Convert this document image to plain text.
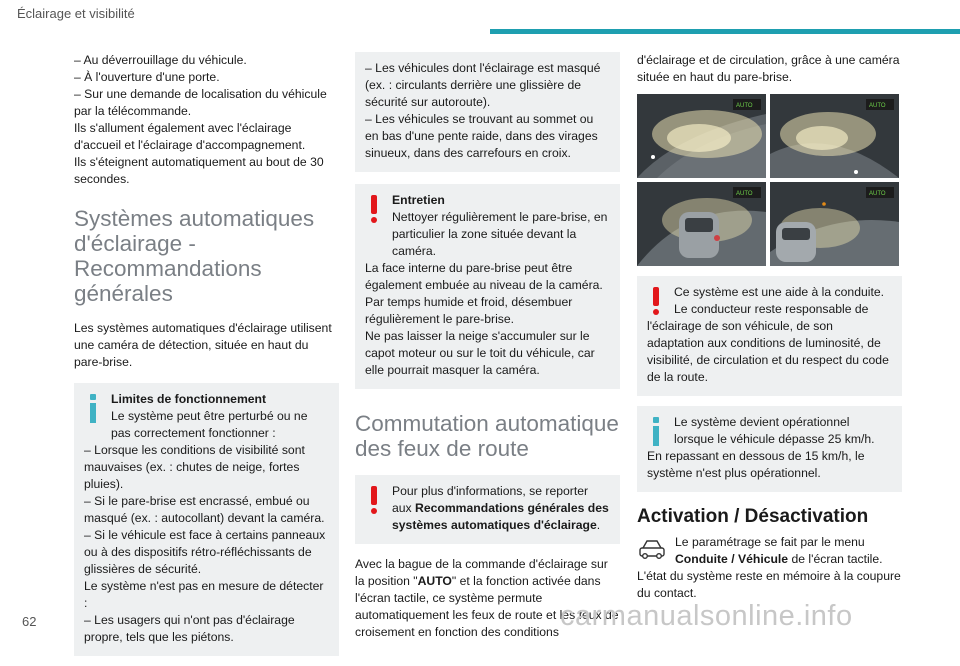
Éclairage et visibilité

– Au déverrouillage du véhicule.

– À l'ouverture d'une porte.

– Sur une demande de localisation du véhicule par la télécommande.

Ils s'allument également avec l'éclairage d'accueil et l'éclairage d'accompagnement.

Ils s'éteignent automatiquement au bout de 30 secondes.

Systèmes automatiques d'éclairage - Recommandations générales

Les systèmes automatiques d'éclairage utilisent une caméra de détection, située en haut du pare-brise.

Limites de fonctionnement

Le système peut être perturbé ou ne pas correctement fonctionner :

– Lorsque les conditions de visibilité sont mauvaises (ex. : chutes de neige, fortes pluies).

– Si le pare-brise est encrassé, embué ou masqué (ex. : autocollant) devant la caméra.

– Si le véhicule est face à certains panneaux ou à des dispositifs rétro-réfléchissants de glissières de sécurité.

Le système n'est pas en mesure de détecter :

– Les usagers qui n'ont pas d'éclairage propre, tels que les piétons.

– Les véhicules dont l'éclairage est masqué (ex. : circulants derrière une glissière de sécurité sur autoroute).

– Les véhicules se trouvant au sommet ou en bas d'une pente raide, dans des virages sinueux, dans des carrefours en croix.

Entretien

Nettoyer régulièrement le pare-brise, en particulier la zone située devant la caméra.

La face interne du pare-brise peut être également embuée au niveau de la caméra. Par temps humide et froid, désembuer régulièrement le pare-brise.

Ne pas laisser la neige s'accumuler sur le capot moteur ou sur le toit du véhicule, car elle pourrait masquer la caméra.

Commutation automatique des feux de route

Pour plus d'informations, se reporter aux Recommandations générales des systèmes automatiques d'éclairage.

Avec la bague de la commande d'éclairage sur la position "AUTO" et la fonction activée dans l'écran tactile, ce système permute automatiquement les feux de route et les feux de croisement en fonction des conditions

d'éclairage et de circulation, grâce à une caméra située en haut du pare-brise.

AUTO	AUTO
AUTO	AUTO

Ce système est une aide à la conduite.

Le conducteur reste responsable de l'éclairage de son véhicule, de son adaptation aux conditions de luminosité, de visibilité, de circulation et du respect du code de la route.

Le système devient opérationnel lorsque le véhicule dépasse 25 km/h.

En repassant en dessous de 15 km/h, le système n'est plus opérationnel.

Activation / Désactivation

Le paramétrage se fait par le menu Conduite / Véhicule de l'écran tactile.

L'état du système reste en mémoire à la coupure du contact.

62	carmanualsonline.info
